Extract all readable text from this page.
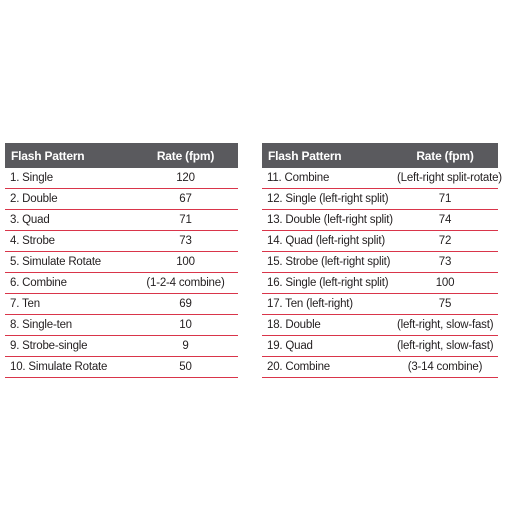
Flash Pattern	Rate (fpm)
1. Single	120
2. Double	67
3. Quad	71
4. Strobe	73
5. Simulate Rotate	100
6. Combine	(1-2-4 combine)
7. Ten	69
8. Single-ten	10
9. Strobe-single	9
10. Simulate Rotate	50
Flash Pattern	Rate (fpm)
11. Combine	(Left-right split-rotate)
12. Single (left-right split)	71
13. Double (left-right split)	74
14. Quad (left-right split)	72
15. Strobe (left-right split)	73
16. Single (left-right split)	100
17. Ten (left-right)	75
18. Double	(left-right, slow-fast)
19. Quad	(left-right, slow-fast)
20. Combine	(3-14 combine)
